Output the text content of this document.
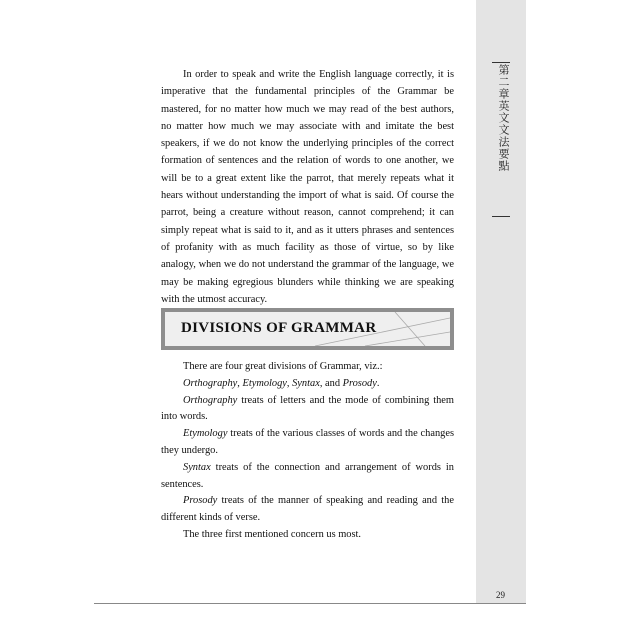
第二章英文文法要點
29

In order to speak and write the English language correctly, it is imperative that the fundamental principles of the Grammar be mastered, for no matter how much we may read of the best authors, no matter how much we may associate with and imitate the best speakers, if we do not know the underlying principles of the correct formation of sentences and the relation of words to one another, we will be to a great extent like the parrot, that merely repeats what it hears without understanding the import of what is said. Of course the parrot, being a creature without reason, cannot comprehend; it can simply repeat what is said to it, and as it utters phrases and sentences of profanity with as much facility as those of virtue, so by like analogy, when we do not understand the grammar of the language, we may be making egregious blunders while thinking we are speaking with the utmost accuracy.

DIVISIONS OF GRAMMAR

There are four great divisions of Grammar, viz.:

Orthography, Etymology, Syntax, and Prosody.

Orthography treats of letters and the mode of combining them into words.

Etymology treats of the various classes of words and the changes they undergo.

Syntax treats of the connection and arrangement of words in sentences.

Prosody treats of the manner of speaking and reading and the different kinds of verse.

The three first mentioned concern us most.
